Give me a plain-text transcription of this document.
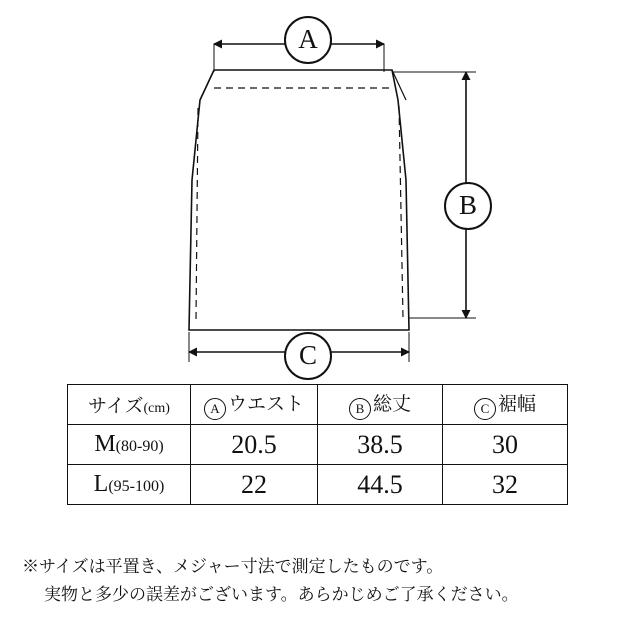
A
B
C
サイズ(cm)	A ウエスト	B 総丈	C 裾幅
M(80-90)	20.5	38.5	30
L(95-100)	22	44.5	32
※サイズは平置き、メジャー寸法で測定したものです。
実物と多少の誤差がございます。あらかじめご了承ください。
